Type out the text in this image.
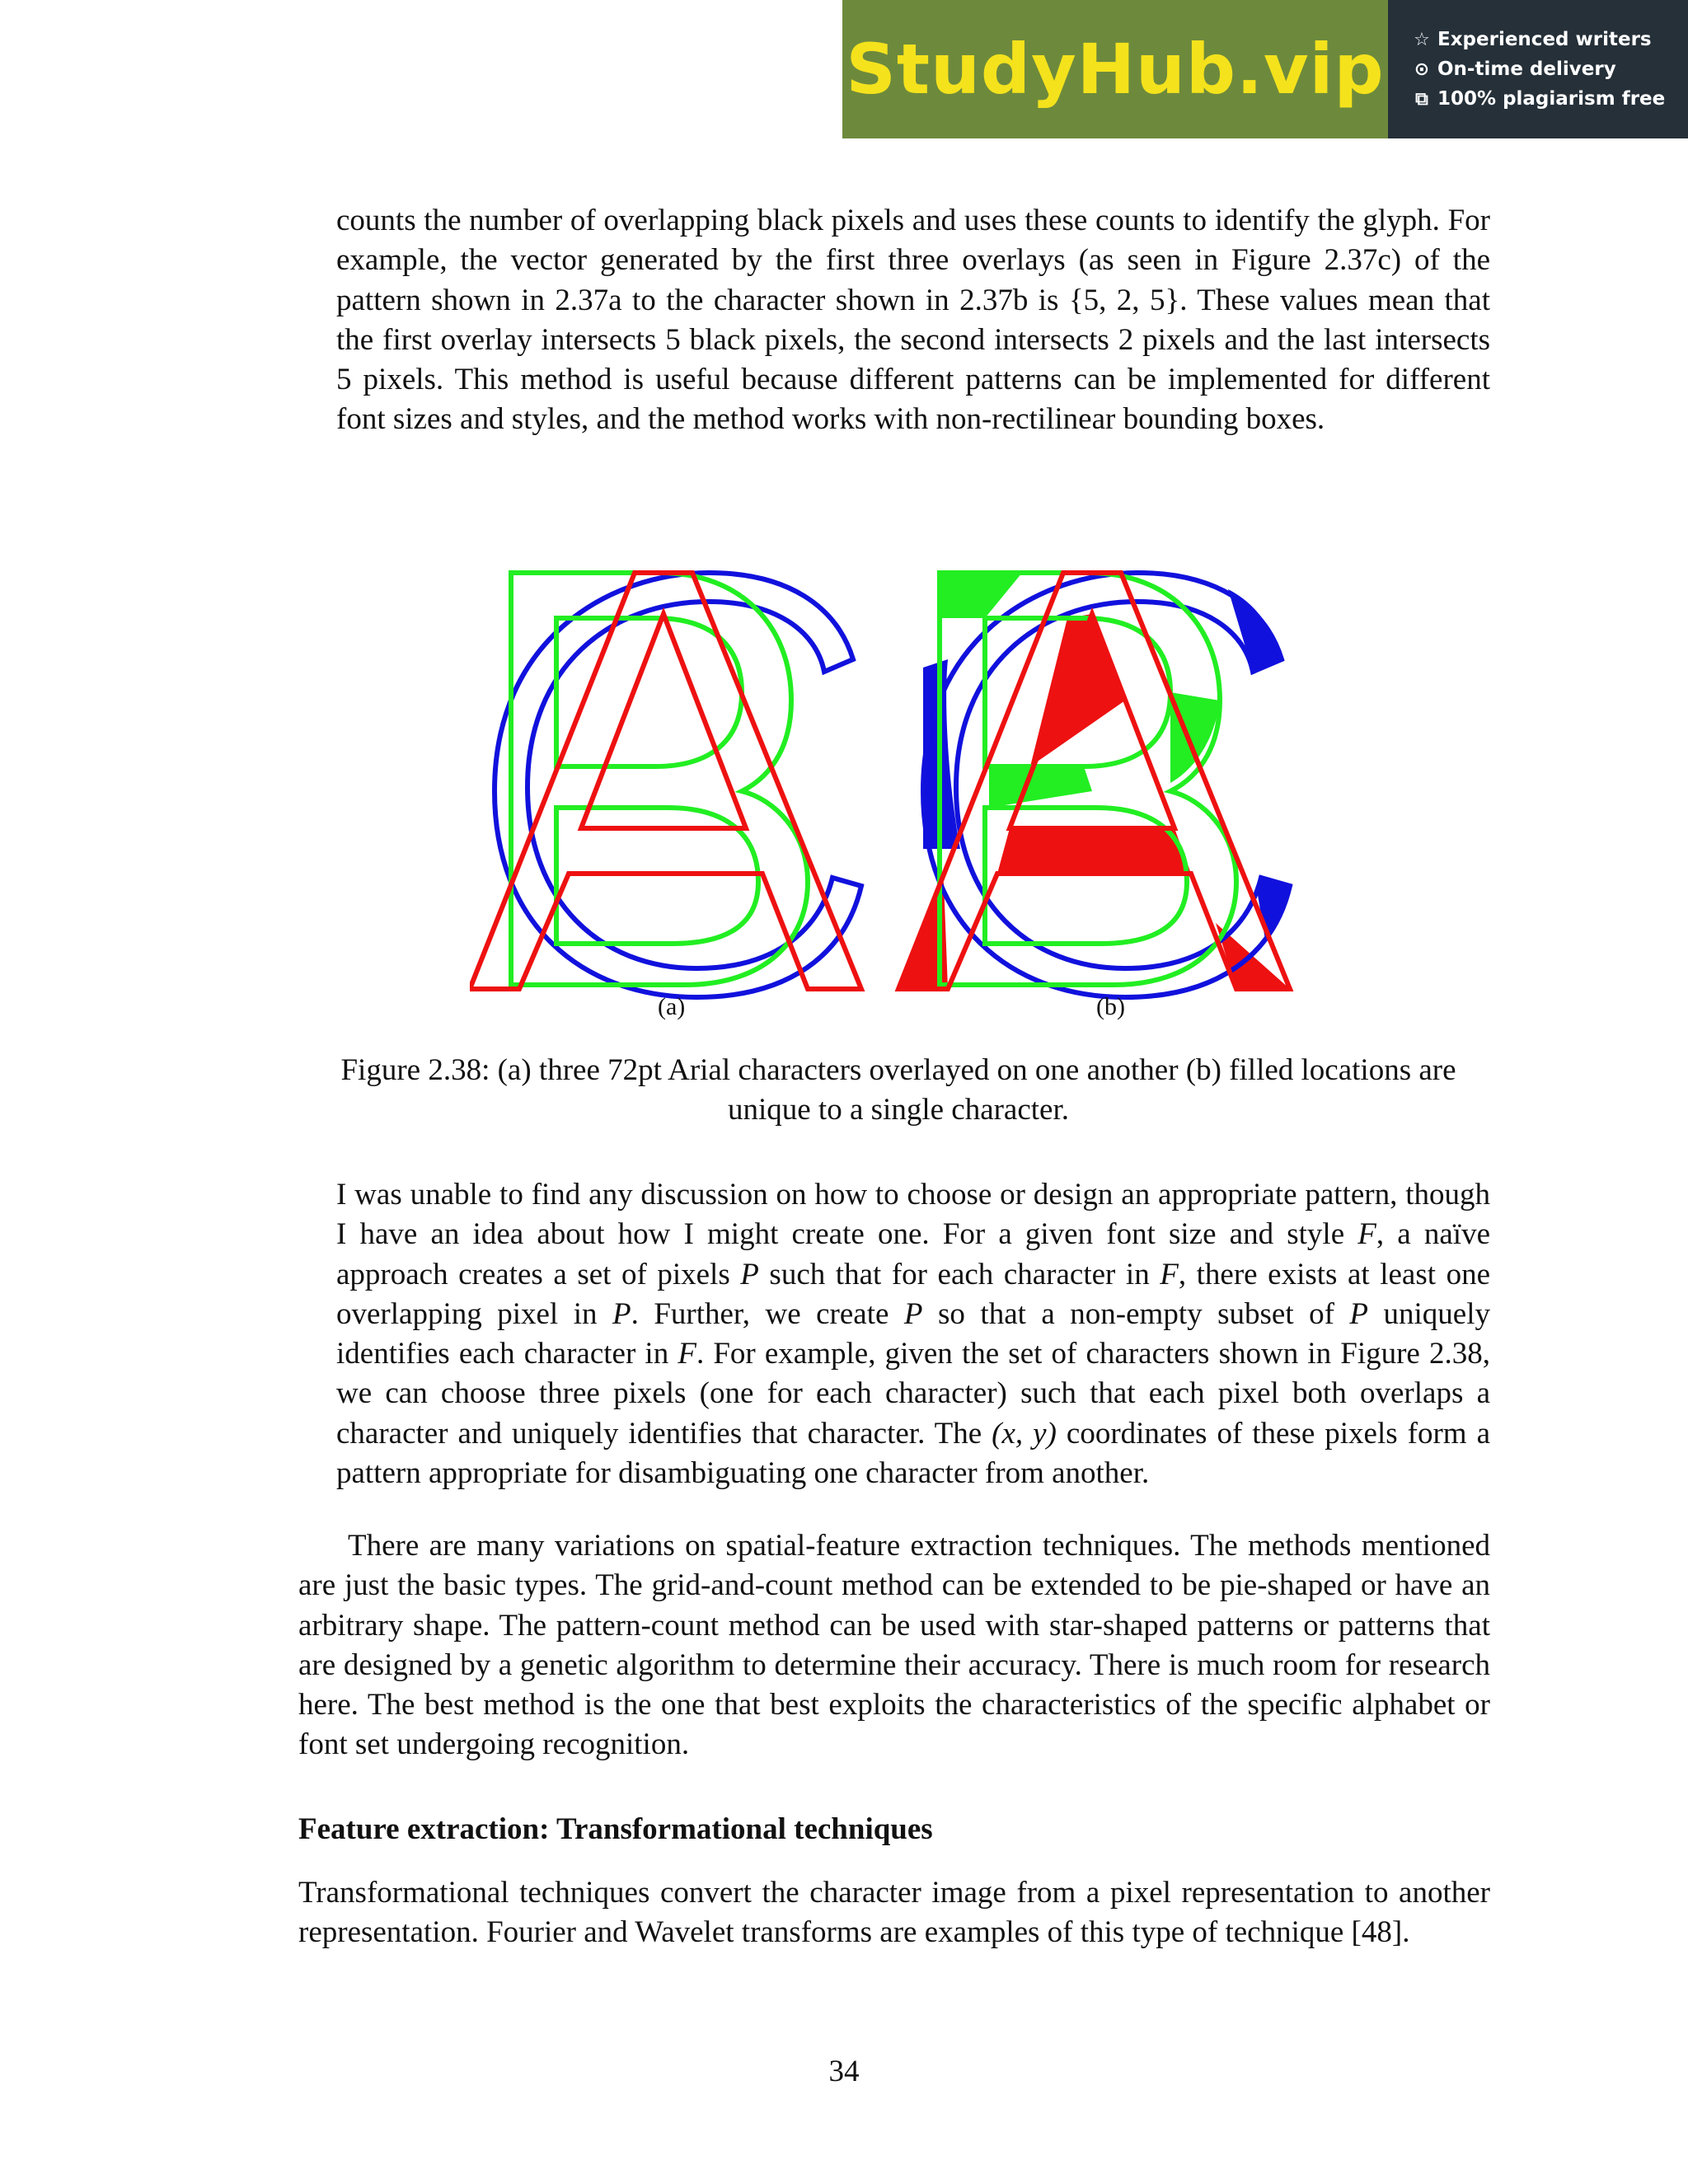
StudyHub.vip ☆ Experienced writers
⊙ On-time delivery
⧉ 100% plagiarism free

counts the number of overlapping black pixels and uses these counts to identify the glyph. For example, the vector generated by the first three overlays (as seen in Figure 2.37c) of the pattern shown in 2.37a to the character shown in 2.37b is {5, 2, 5}. These values mean that the first overlay intersects 5 black pixels, the second intersects 2 pixels and the last intersects 5 pixels. This method is useful because different patterns can be implemented for different font sizes and styles, and the method works with non-rectilinear bounding boxes.

(a)	(b)

Figure 2.38: (a) three 72pt Arial characters overlayed on one another (b) filled locations are unique to a single character.

I was unable to find any discussion on how to choose or design an appropriate pattern, though I have an idea about how I might create one. For a given font size and style F, a naïve approach creates a set of pixels P such that for each character in F, there exists at least one overlapping pixel in P. Further, we create P so that a non-empty subset of P uniquely identifies each character in F. For example, given the set of characters shown in Figure 2.38, we can choose three pixels (one for each character) such that each pixel both overlaps a character and uniquely identifies that character. The (x, y) coordinates of these pixels form a pattern appropriate for disambiguating one character from another.

There are many variations on spatial-feature extraction techniques. The methods mentioned are just the basic types. The grid-and-count method can be extended to be pie-shaped or have an arbitrary shape. The pattern-count method can be used with star-shaped patterns or patterns that are designed by a genetic algorithm to determine their accuracy. There is much room for research here. The best method is the one that best exploits the characteristics of the specific alphabet or font set undergoing recognition.

Feature extraction: Transformational techniques

Transformational techniques convert the character image from a pixel representation to another representation. Fourier and Wavelet transforms are examples of this type of technique [48].

34
